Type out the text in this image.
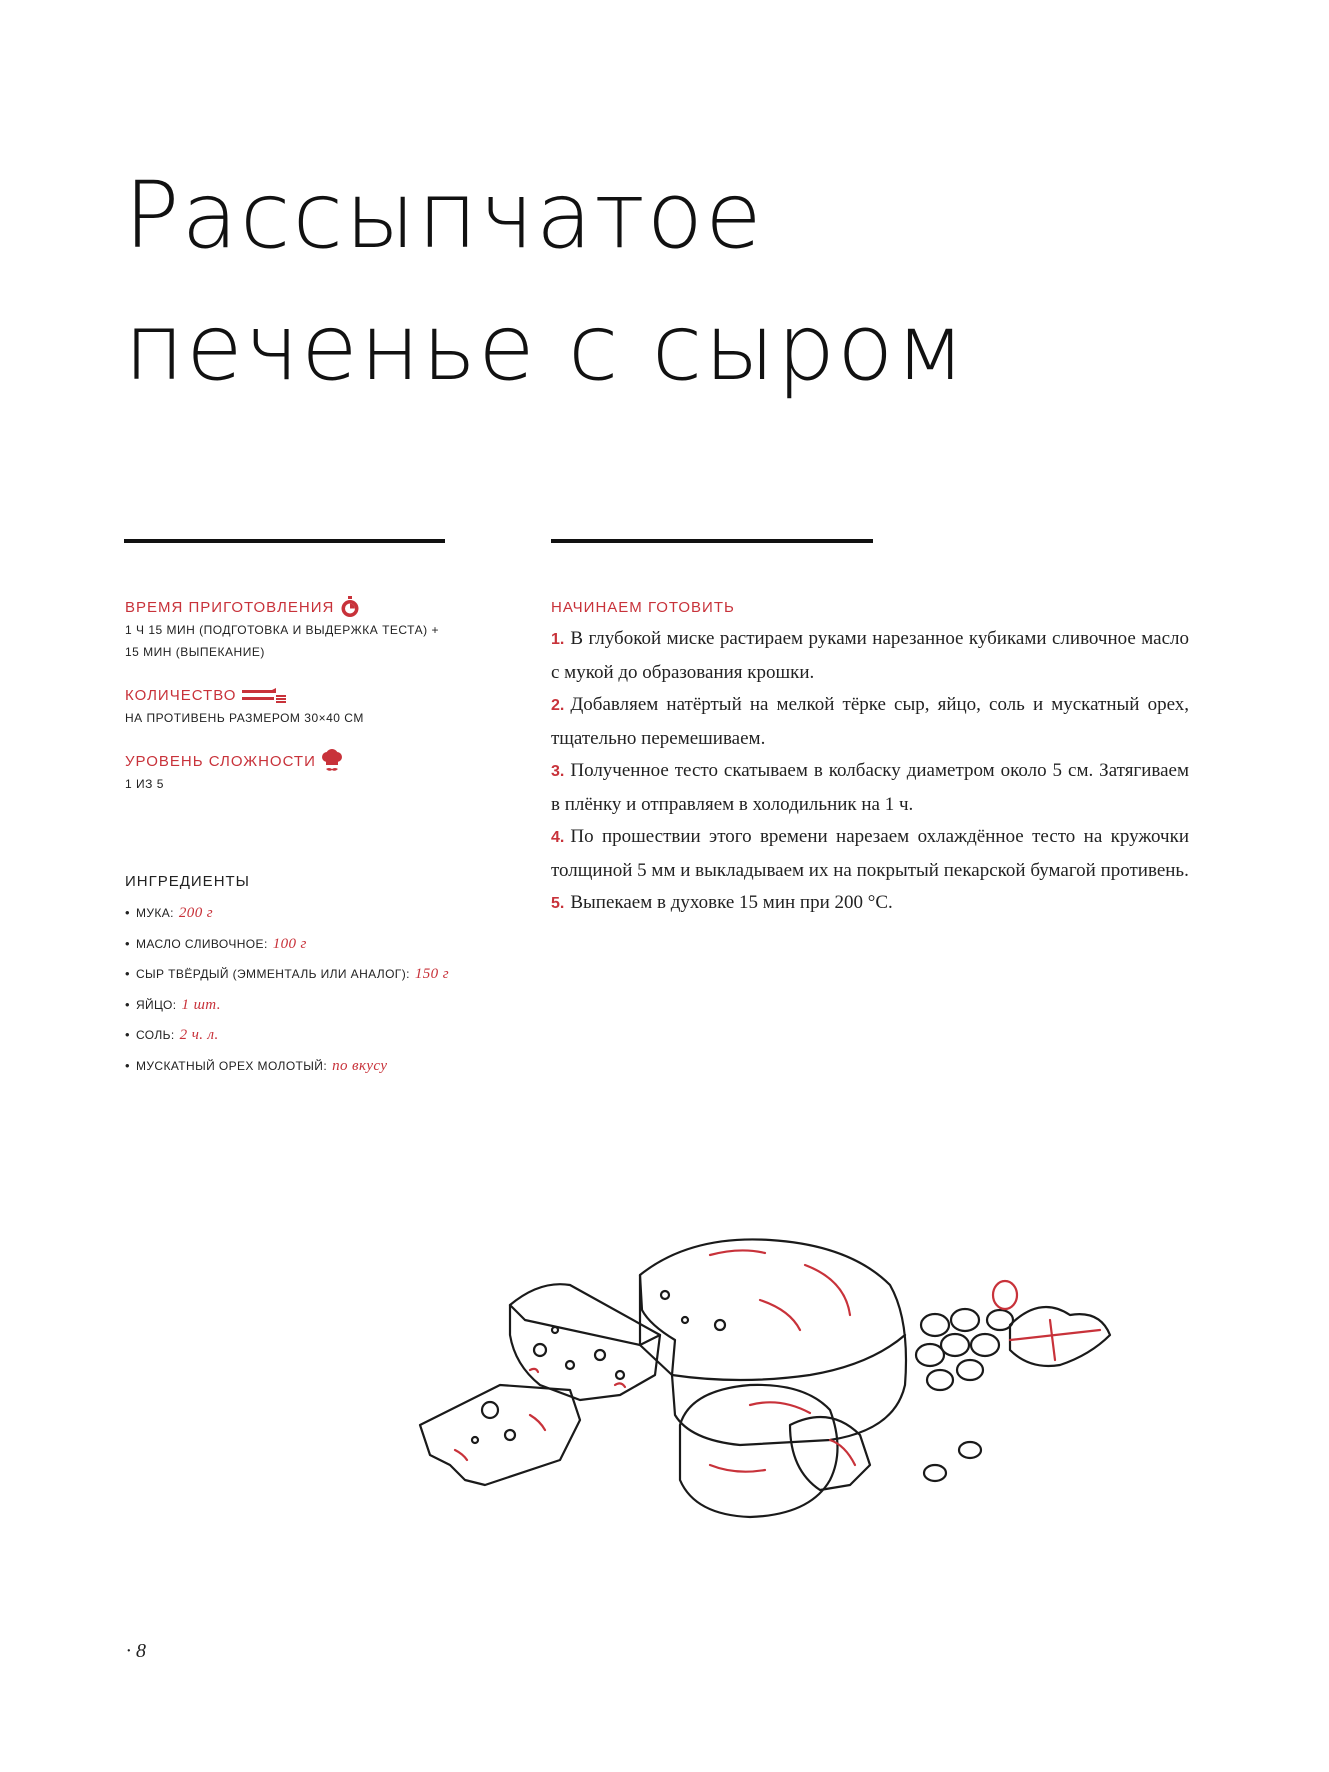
Рассыпчатое
печенье с сыром
ВРЕМЯ ПРИГОТОВЛЕНИЯ
1 Ч 15 МИН (ПОДГОТОВКА И ВЫДЕРЖКА ТЕСТА) +
15 МИН (ВЫПЕКАНИЕ)
КОЛИЧЕСТВО
НА ПРОТИВЕНЬ РАЗМЕРОМ 30×40 СМ
УРОВЕНЬ СЛОЖНОСТИ
1 ИЗ 5
ИНГРЕДИЕНТЫ
• МУКА: 200 г
• МАСЛО СЛИВОЧНОЕ: 100 г
• СЫР ТВЁРДЫЙ (ЭММЕНТАЛЬ ИЛИ АНАЛОГ): 150 г
• ЯЙЦО: 1 шт.
• СОЛЬ: 2 ч. л.
• МУСКАТНЫЙ ОРЕХ МОЛОТЫЙ: по вкусу
НАЧИНАЕМ ГОТОВИТЬ
1. В глубокой миске растираем руками нарезанное кубиками сливочное масло с мукой до образования крошки.
2. Добавляем натёртый на мелкой тёрке сыр, яйцо, соль и мускатный орех, тщательно перемешиваем.
3. Полученное тесто скатываем в колбаску диаметром около 5 см. Затягиваем в плёнку и отправляем в холодильник на 1 ч.
4. По прошествии этого времени нарезаем охлаждённое тесто на кружочки толщиной 5 мм и выкладываем их на покрытый пекарской бумагой противень.
5. Выпекаем в духовке 15 мин при 200 °С.
· 8
